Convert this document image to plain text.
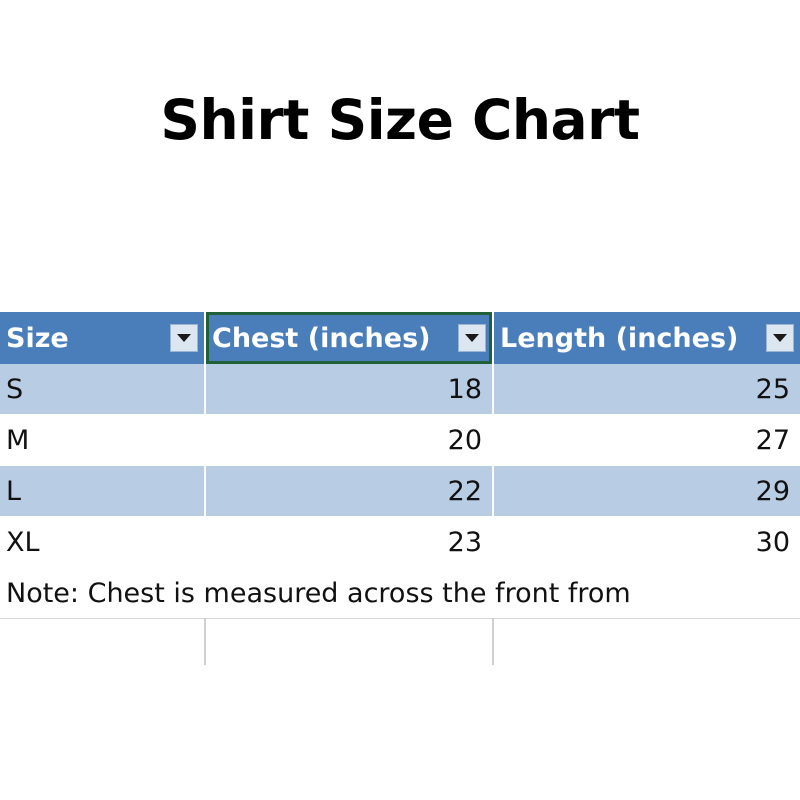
Shirt Size Chart
Size	Chest (inches)	Length (inches)

S	18	25
M	20	27
L	22	29
XL	23	30
Note: Chest is measured across the front from		
